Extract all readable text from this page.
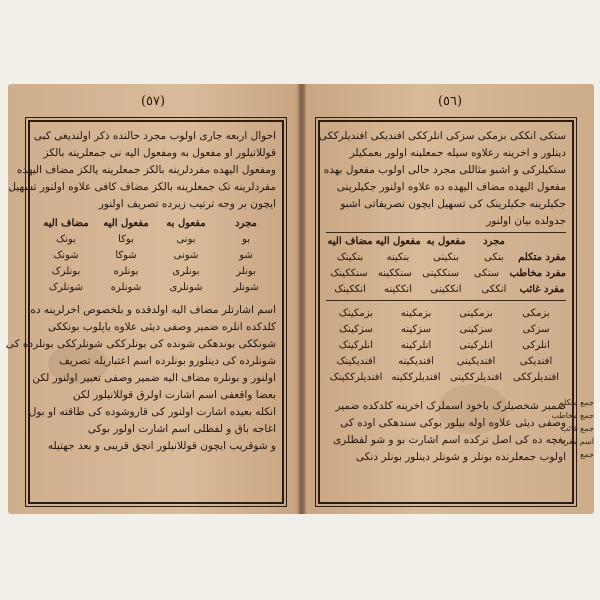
(٥٧)
احوال اربعه جاری اولوب مجرد حالنده ذکر اولندیغی کبی
قوللانیلور او مفعول به ومفعول الیه نی جمعلرینه بالکز
ومفعول الیهده مفردلرینه بالکز جمعلرینه یالکز مضاف الیهده
مفردلرینه تک جمعلرینه بالکز مضاف کافی علاوه اولنور تسهیل
ایچون بر وجه ترتیب زیرده تصریف اولنور
مجرد
مفعول به
مفعول الیه
مضاف الیه
بو
بونی
بوکا
بونک
شو
شونی
شوکا
شونک
بونلر
بونلری
بونلره
بونلرک
شونلر
شونلری
شونلره
شونلرک
اسم اشارتلر مضاف الیه اولدقده و بلخصوص اخرلرینه ده
کلدکده انلره ضمیر وصفی دیئی علاوه یاپلوب بونککی
شونککی بوندهکی شونده کی بونلرککی شونلرککی بونلرده کی
شونلرده کی دینلورو بونلرده اسم اعتباریله تصریف
اولنور و بونلره مضاف الیه ضمیر وصفی تعبیر اولنور لکن
بعضا واقعفی اسم اشارت اولرق قوللانیلور لکن
انکله بعیده اشارت اولنور کی قاروشوده کی طاقته او بول
اغاجه باق و لفظلی اسم اشارت اولور بوکی
و شوقریب ایچون قوللانیلور انچق قریبی و بعد جهتیله
(٥٦)
ستکی انککی بزمکی سزکی انلرککی افندیکی افندیلرککی
دینلور و اخرینه رعلاوه سیله جمعلینه اولور بعمکیلر
ستکیلرکی و اشبو مثاللی مجرد حالی اولوب مفعول بهده
مفعول الیهده مضاف الیهده ده علاوه اولنور جکیلرینی
جکیلرینه جکیلرینک کی تسهیل ایچون تصریفاتی اشبو
جدولده بیان اولنور
مجرد
مفعول به
مفعول الیه
مضاف الیه
مفرد متکلم
بنکی
بنکینی
بنکینه
بنکینک
مفرد مخاطب
سنکی
سنککینی
سنککینه
سنککینک
مفرد غائب
انککی
انککینی
انککینه
انککینک
بزمکی
بزمکینی
بزمکینه
بزمکینک
سزکی
سزکینی
سزکینه
سزکینک
انلرکی
انلرکینی
انلرکینه
انلرکینک
افندیکی
افندیکینی
افندیکینه
افندیکینک
افندیلرککی
افندیلرککینی
افندیلرککینه
افندیلرککینک
ضمیر شخصیلرک باخود اسملرک اخرینه کلدکده ضمیر
وصفی دیئی علاوه اوله بیلور بوکی سندهکی اوده کی
بغچه ده کی اصل ترکده اسم اشارت بو و شو لفظلری
اولوب جمعلرنده بونلر و شونلر دینلور بونلر دنکی
جمع متکلم
جمع مخاطب
جمع غائب
اسم مفرد
جمع
